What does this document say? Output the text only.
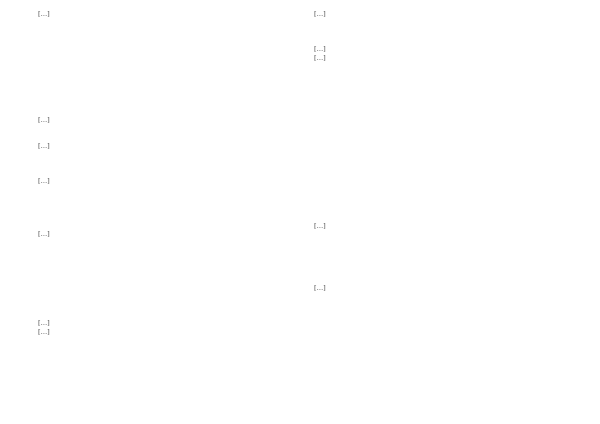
[…]

[…]

[…]

[…]

[…]

[…]

[…]

[…]

[…]

[…]

[…]

[…]
